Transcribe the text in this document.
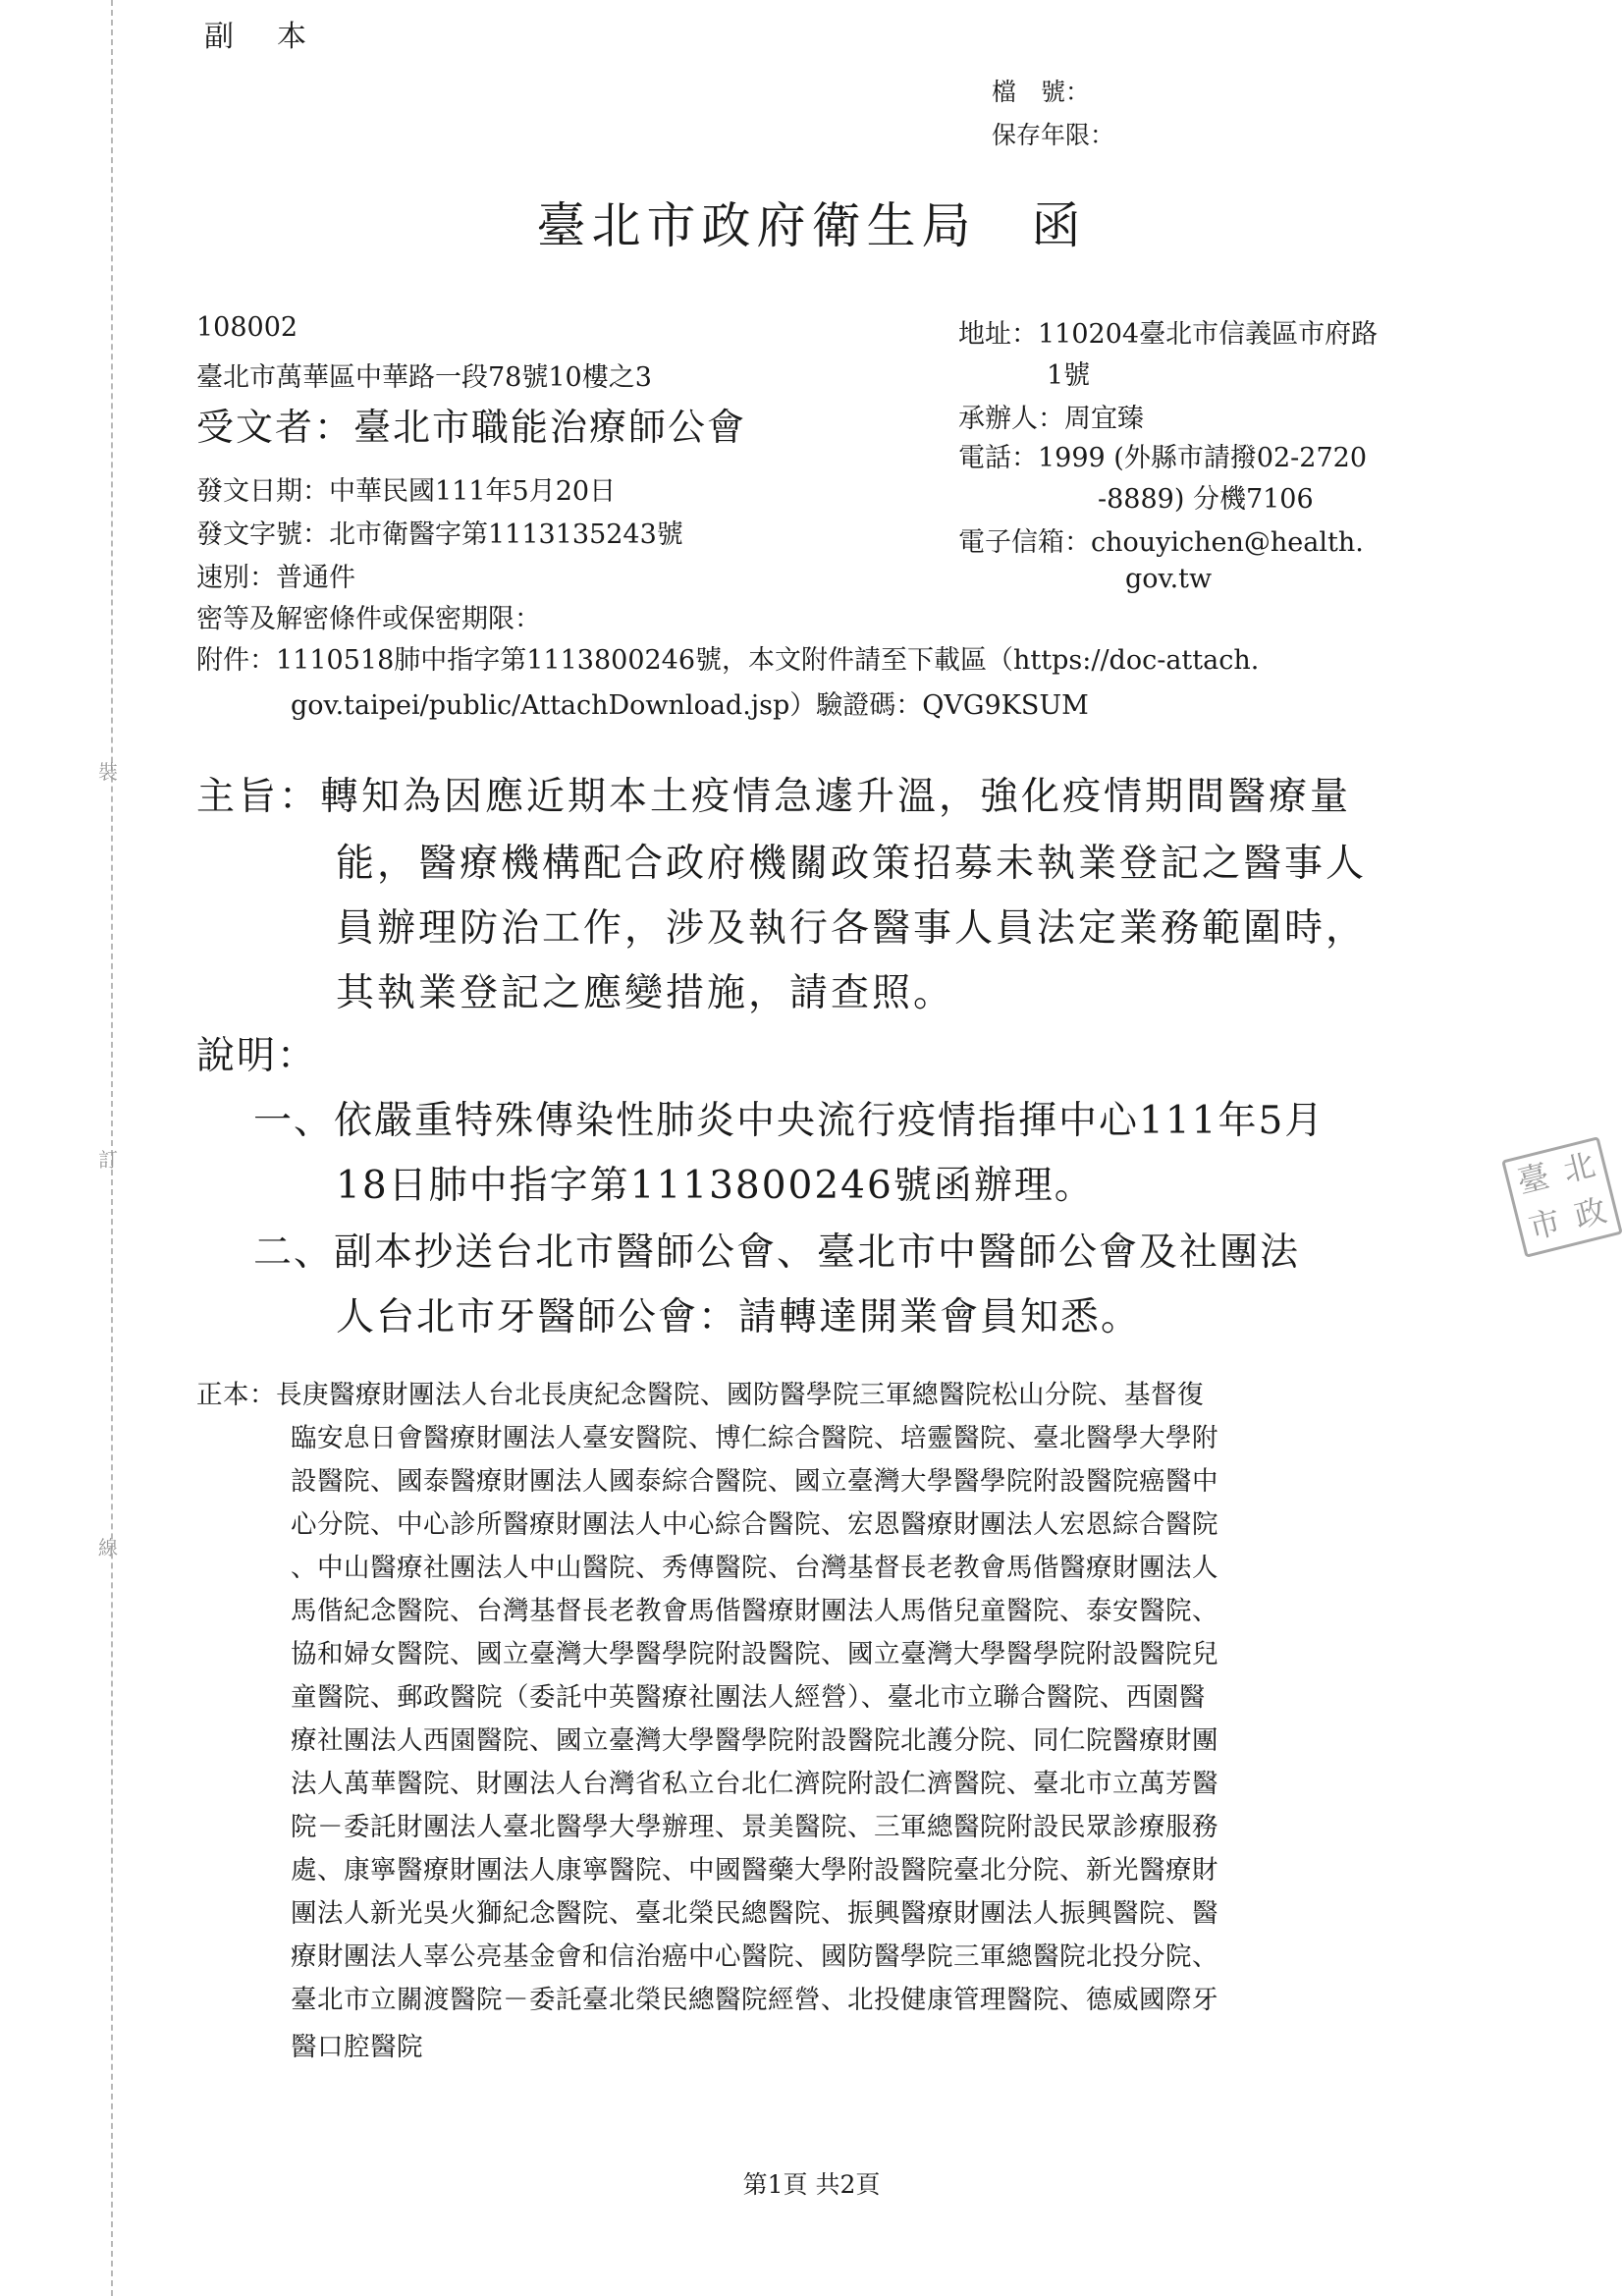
裝
訂
線
副本
檔　號：
保存年限：
臺北市政府衛生局　函
108002
臺北市萬華區中華路一段78號10樓之3
受文者：臺北市職能治療師公會
發文日期：中華民國111年5月20日
發文字號：北市衛醫字第1113135243號
速別：普通件
密等及解密條件或保密期限：
附件：1110518肺中指字第1113800246號，本文附件請至下載區（https://doc-attach.
gov.taipei/public/AttachDownload.jsp）驗證碼：QVG9KSUM
地址：110204臺北市信義區市府路
1號
承辦人：周宜臻
電話：1999 (外縣市請撥02-2720
-8889) 分機7106
電子信箱：chouyichen@health.
gov.tw
主旨：轉知為因應近期本土疫情急遽升溫，強化疫情期間醫療量
能，醫療機構配合政府機關政策招募未執業登記之醫事人
員辦理防治工作，涉及執行各醫事人員法定業務範圍時，
其執業登記之應變措施，請查照。
說明：
一、依嚴重特殊傳染性肺炎中央流行疫情指揮中心111年5月
18日肺中指字第1113800246號函辦理。
二、副本抄送台北市醫師公會、臺北市中醫師公會及社團法
人台北市牙醫師公會：請轉達開業會員知悉。
正本：長庚醫療財團法人台北長庚紀念醫院、國防醫學院三軍總醫院松山分院、基督復
臨安息日會醫療財團法人臺安醫院、博仁綜合醫院、培靈醫院、臺北醫學大學附
設醫院、國泰醫療財團法人國泰綜合醫院、國立臺灣大學醫學院附設醫院癌醫中
心分院、中心診所醫療財團法人中心綜合醫院、宏恩醫療財團法人宏恩綜合醫院
、中山醫療社團法人中山醫院、秀傳醫院、台灣基督長老教會馬偕醫療財團法人
馬偕紀念醫院、台灣基督長老教會馬偕醫療財團法人馬偕兒童醫院、泰安醫院、
協和婦女醫院、國立臺灣大學醫學院附設醫院、國立臺灣大學醫學院附設醫院兒
童醫院、郵政醫院（委託中英醫療社團法人經營）、臺北市立聯合醫院、西園醫
療社團法人西園醫院、國立臺灣大學醫學院附設醫院北護分院、同仁院醫療財團
法人萬華醫院、財團法人台灣省私立台北仁濟院附設仁濟醫院、臺北市立萬芳醫
院－委託財團法人臺北醫學大學辦理、景美醫院、三軍總醫院附設民眾診療服務
處、康寧醫療財團法人康寧醫院、中國醫藥大學附設醫院臺北分院、新光醫療財
團法人新光吳火獅紀念醫院、臺北榮民總醫院、振興醫療財團法人振興醫院、醫
療財團法人辜公亮基金會和信治癌中心醫院、國防醫學院三軍總醫院北投分院、
臺北市立關渡醫院－委託臺北榮民總醫院經營、北投健康管理醫院、德威國際牙
醫口腔醫院
臺 北
市 政
第1頁 共2頁
